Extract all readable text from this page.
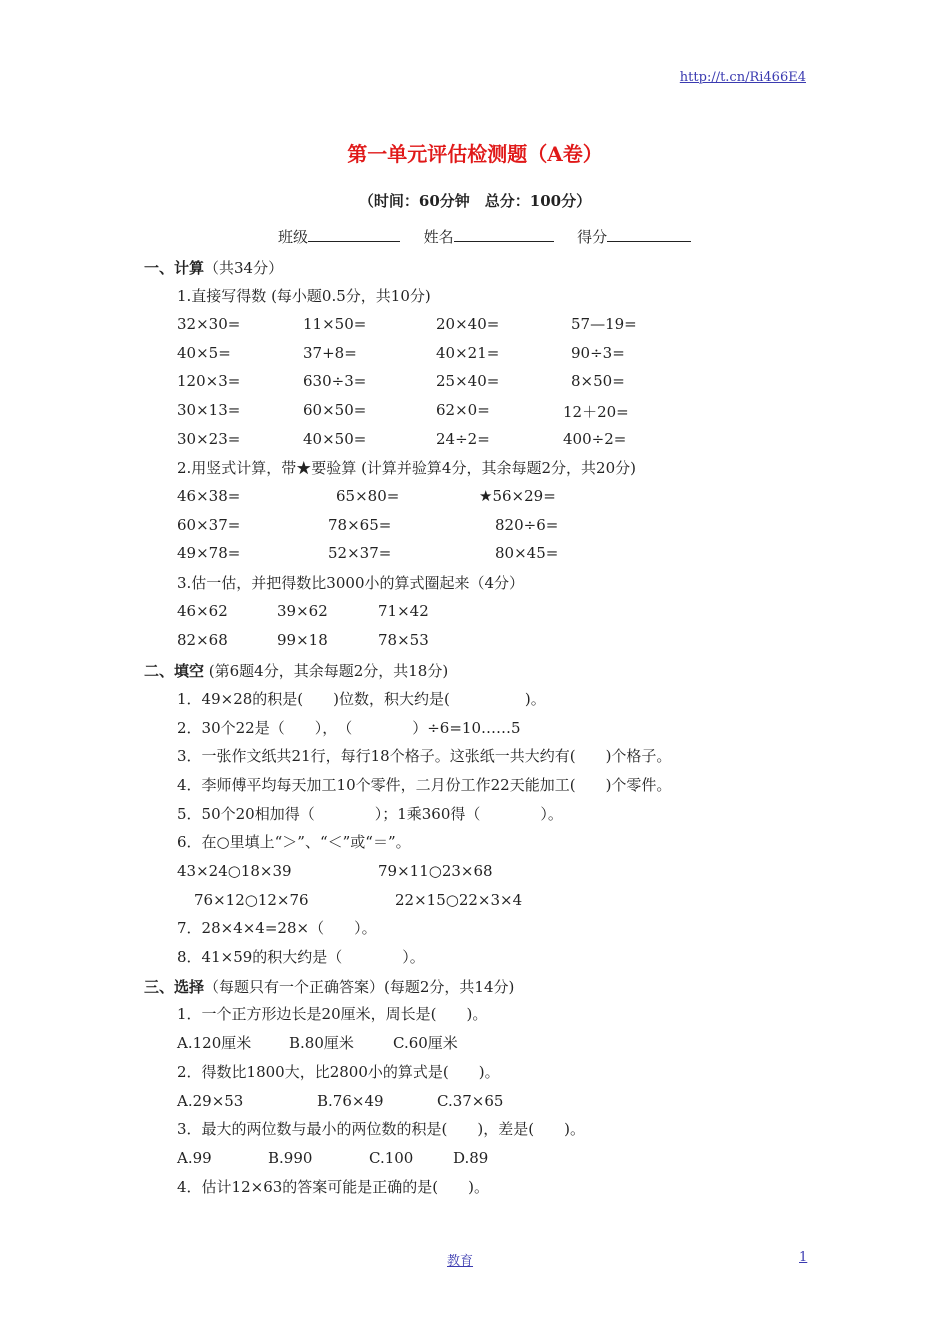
http://t.cn/Ri466E4
第一单元评估检测题（A卷）
（时间：60分钟　总分：100分）
班级	姓名	得分
一、计算（共34分）
1.直接写得数 (每小题0.5分，共10分)
32×30=	11×50=	20×40=	57—19=
40×5=	37+8=	40×21=	90÷3=
120×3=	630÷3=	25×40=	8×50=
30×13=	60×50=	62×0=	12＋20=
30×23=	40×50=	24÷2=	400÷2=
2.用竖式计算，带★要验算 (计算并验算4分，其余每题2分，共20分)
46×38=	65×80=	★56×29=
60×37=	78×65=	820÷6=
49×78=	52×37=	80×45=
3.估一估，并把得数比3000小的算式圈起来（4分）
46×62	39×62	71×42
82×68	99×18	78×53
二、填空 (第6题4分，其余每题2分，共18分)
1．49×28的积是(　　)位数，积大约是(　　　　　)。
2．30个22是（　　），　（　　　　）÷6=10……5
3．一张作文纸共21行，每行18个格子。这张纸一共大约有(　　)个格子。
4．李师傅平均每天加工10个零件，二月份工作22天能加工(　　)个零件。
5．50个20相加得（　　　　）；1乘360得（　　　　）。
6．在○里填上“＞”、“＜”或“＝”。
43×24○18×39	79×11○23×68
76×12○12×76	22×15○22×3×4
7．28×4×4=28×（　　）。
8．41×59的积大约是（　　　　）。
三、选择（每题只有一个正确答案）(每题2分，共14分)
1．一个正方形边长是20厘米，周长是(　　)。
A.120厘米	B.80厘米	C.60厘米
2．得数比1800大，比2800小的算式是(　　)。
A.29×53	B.76×49	C.37×65
3．最大的两位数与最小的两位数的积是(　　)，差是(　　)。
A.99	B.990	C.100	D.89
4．估计12×63的答案可能是正确的是(　　)。
教育	1
